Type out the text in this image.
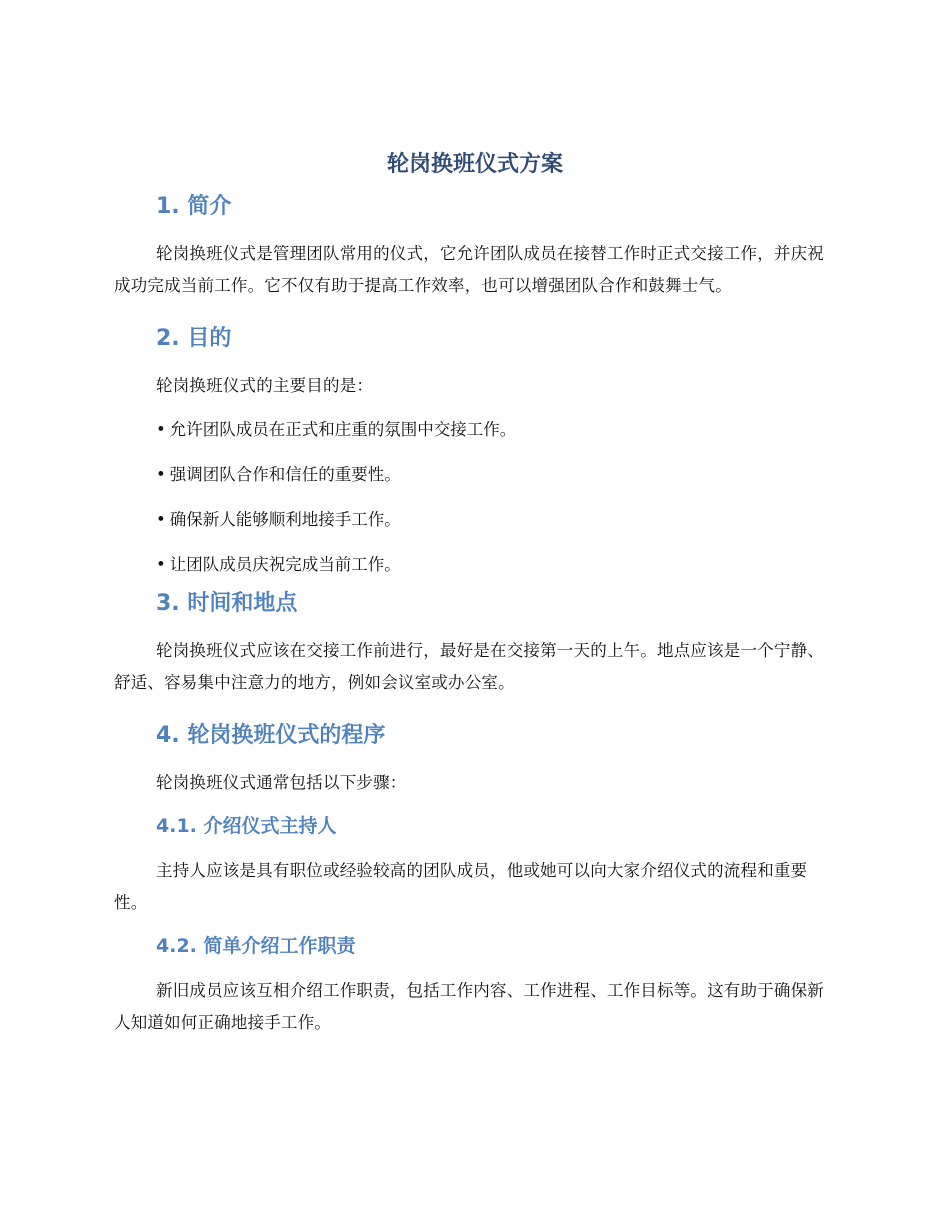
轮岗换班仪式方案
1. 简介

轮岗换班仪式是管理团队常用的仪式，它允许团队成员在接替工作时正式交接工作，并庆祝成功完成当前工作。它不仅有助于提高工作效率，也可以增强团队合作和鼓舞士气。

2. 目的

轮岗换班仪式的主要目的是：

• 允许团队成员在正式和庄重的氛围中交接工作。
• 强调团队合作和信任的重要性。
• 确保新人能够顺利地接手工作。
• 让团队成员庆祝完成当前工作。
3. 时间和地点

轮岗换班仪式应该在交接工作前进行，最好是在交接第一天的上午。地点应该是一个宁静、舒适、容易集中注意力的地方，例如会议室或办公室。

4. 轮岗换班仪式的程序

轮岗换班仪式通常包括以下步骤：

4.1. 介绍仪式主持人

主持人应该是具有职位或经验较高的团队成员，他或她可以向大家介绍仪式的流程和重要性。

4.2. 简单介绍工作职责

新旧成员应该互相介绍工作职责，包括工作内容、工作进程、工作目标等。这有助于确保新人知道如何正确地接手工作。
